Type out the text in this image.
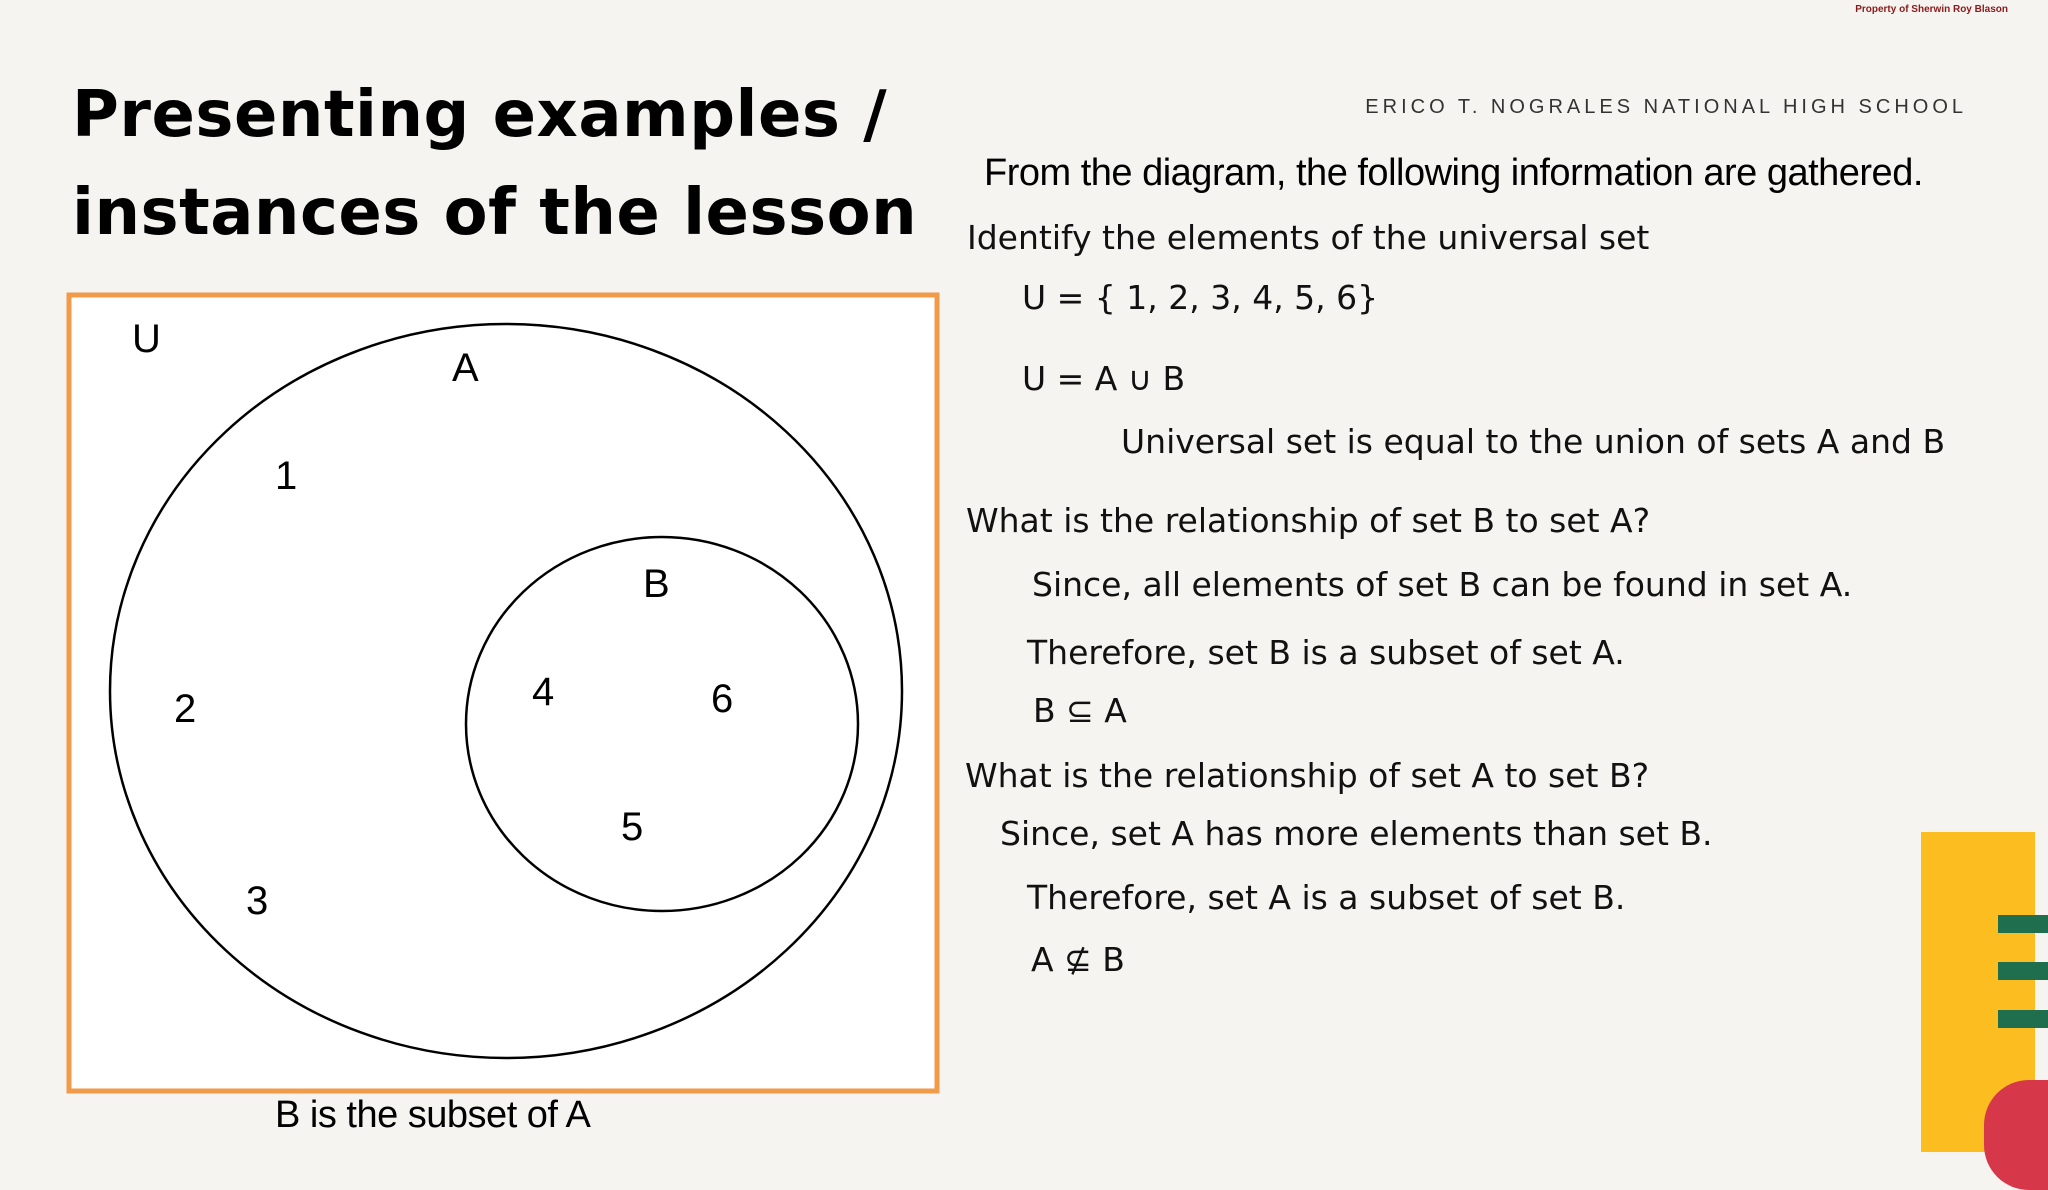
Property of Sherwin Roy Blason
Presenting examples /
instances of the lesson
ERICO T. NOGRALES NATIONAL HIGH SCHOOL
U
A
B
1
2
3
4
5
6
B is the subset of A
From the diagram, the following information are gathered.
Identify the elements of the universal set
U = { 1, 2, 3, 4, 5, 6}
U = A ∪ B
Universal set is equal to the union of sets A and B
What is the relationship of set B to set A?
Since, all elements of set B can be found in set A.
Therefore, set B is a subset of set A.
B ⊆ A
What is the relationship of set A to set B?
Since, set A has more elements than set B.
Therefore, set A is a subset of set B.
A ⊈ B
